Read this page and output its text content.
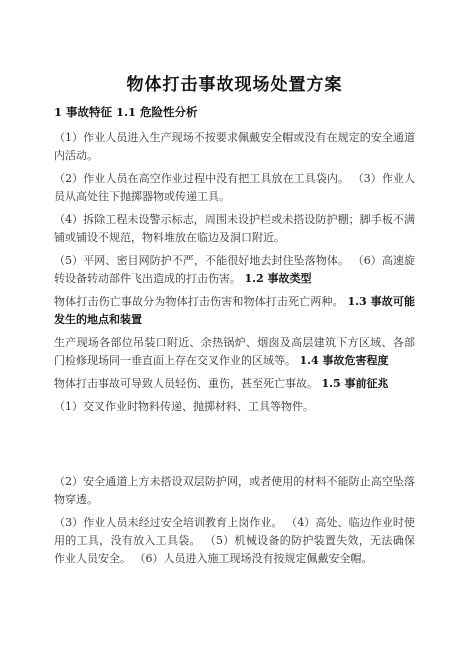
物体打击事故现场处置方案
1 事故特征 1.1 危险性分析

（1）作业人员进入生产现场不按要求佩戴安全帽或没有在规定的安全通道 内活动。

（2）作业人员在高空作业过程中没有把工具放在工具袋内。 （3）作业人员从高处往下抛掷器物或传递工具。

（4）拆除工程未设警示标志，周围未设护栏或未搭设防护棚；脚手板不满铺或铺设不规范，物料堆放在临边及洞口附近。

（5）平网、密目网防护不严，不能很好地去封住坠落物体。 （6）高速旋转设备转动部件飞出造成的打击伤害。 1.2 事故类型

物体打击伤亡事故分为物体打击伤害和物体打击死亡两种。 1.3 事故可能发生的地点和装置

生产现场各部位吊装口附近、余热锅炉、烟囱及高层建筑下方区域、各部门检修现场同一垂直面上存在交叉作业的区域等。 1.4 事故危害程度

物体打击事故可导致人员轻伤、重伤，甚至死亡事故。 1.5 事前征兆

（1）交叉作业时物料传递、抛掷材料、工具等物件。

（2）安全通道上方未搭设双层防护网，或者使用的材料不能防止高空坠落物穿透。

（3）作业人员未经过安全培训教育上岗作业。 （4）高处、临边作业时使用的工具，没有放入工具袋。 （5）机械设备的防护装置失效，无法确保作业人员安全。 （6）人员进入施工现场没有按规定佩戴安全帽。
